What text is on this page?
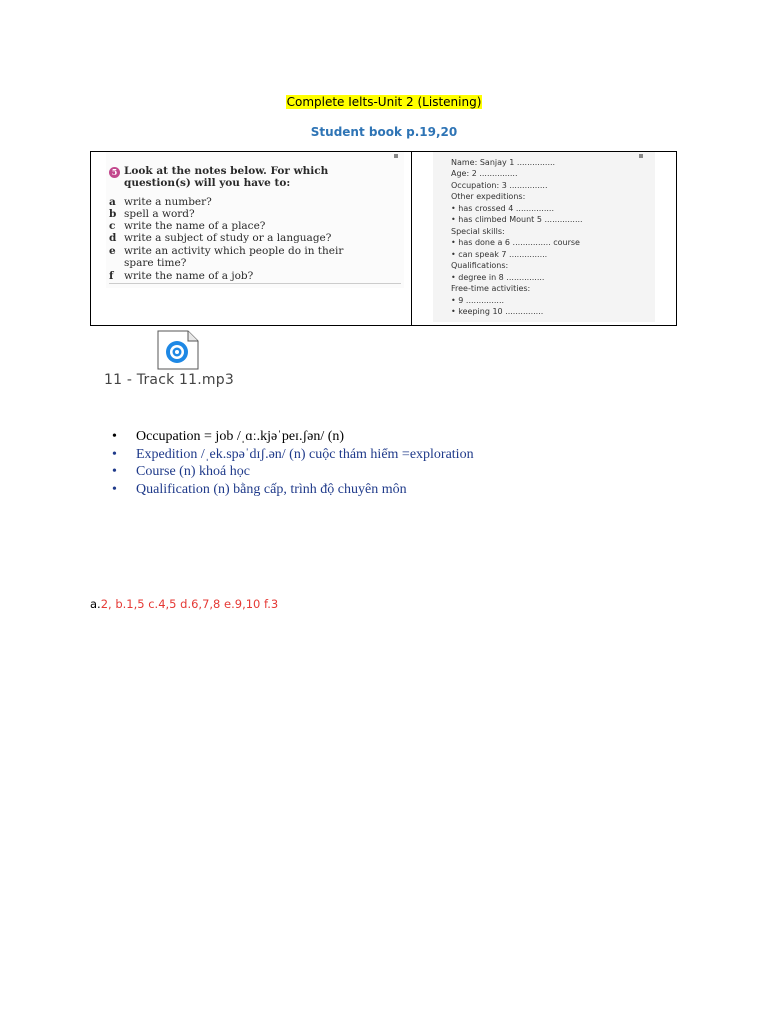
Complete Ielts-Unit 2 (Listening)
Student book p.19,20
5 Look at the notes below. For which question(s) will you have to:
a write a number?
b spell a word?
c write the name of a place?
d write a subject of study or a language?
e write an activity which people do in their spare time?
f write the name of a job?
Name: Sanjay 1 ...............
Age: 2 ...............
Occupation: 3 ...............
Other expeditions:
• has crossed 4 ...............
• has climbed Mount 5 ...............
Special skills:
• has done a 6 ............... course
• can speak 7 ...............
Qualifications:
• degree in 8 ...............
Free-time activities:
• 9 ...............
• keeping 10 ...............
11 - Track 11.mp3
• Occupation = job /ˌɑː.kjəˈpeɪ.ʃən/ (n)
• Expedition /ˌek.spəˈdɪʃ.ən/ (n) cuộc thám hiểm =exploration
• Course (n) khoá học
• Qualification (n) bằng cấp, trình độ chuyên môn
a.2, b.1,5 c.4,5 d.6,7,8 e.9,10 f.3
